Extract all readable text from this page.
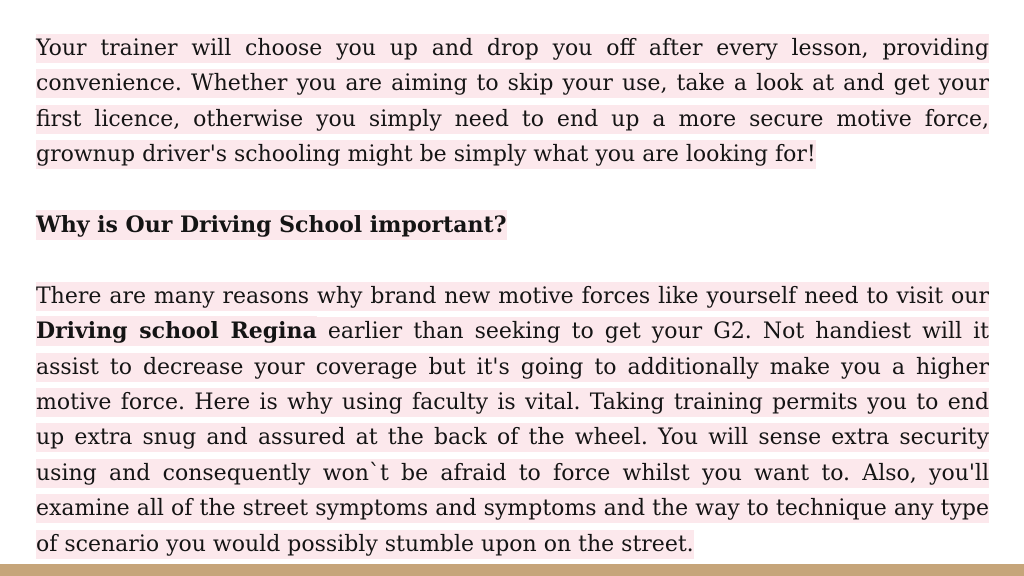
Your trainer will choose you up and drop you off after every lesson, providing convenience. Whether you are aiming to skip your use, take a look at and get your first licence, otherwise you simply need to end up a more secure motive force, grownup driver's schooling might be simply what you are looking for!

Why is Our Driving School important?

There are many reasons why brand new motive forces like yourself need to visit our Driving school Regina earlier than seeking to get your G2. Not handiest will it assist to decrease your coverage but it's going to additionally make you a higher motive force. Here is why using faculty is vital. Taking training permits you to end up extra snug and assured at the back of the wheel. You will sense extra security using and consequently won`t be afraid to force whilst you want to. Also, you'll examine all of the street symptoms and symptoms and the way to technique any type of scenario you would possibly stumble upon on the street.
